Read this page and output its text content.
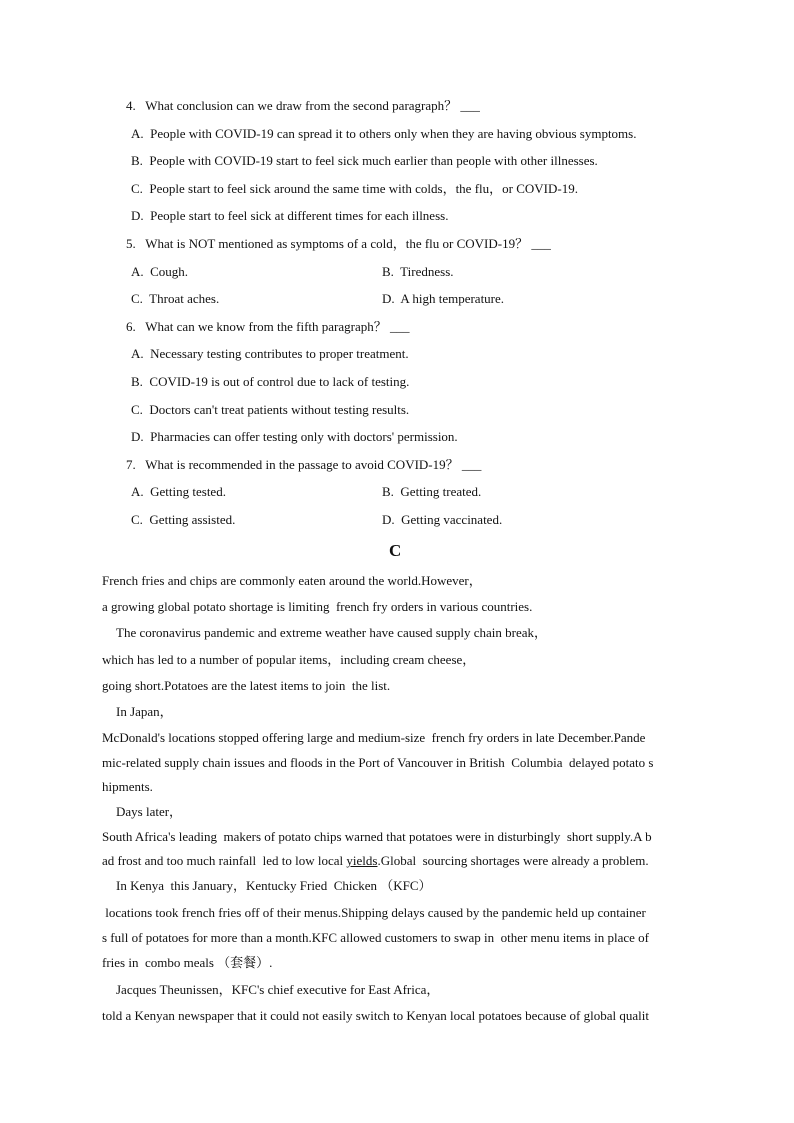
4.   What conclusion can we draw from the second paragraph？ ___
A.  People with COVID-19 can spread it to others only when they are having obvious symptoms.
B.  People with COVID-19 start to feel sick much earlier than people with other illnesses.
C.  People start to feel sick around the same time with colds，the flu，or COVID-19.
D.  People start to feel sick at different times for each illness.
5.   What is NOT mentioned as symptoms of a cold，the flu or COVID-19？ ___
A.  Cough.	B.  Tiredness.
C.  Throat aches.	D.  A high temperature.
6.   What can we know from the fifth paragraph？ ___
A.  Necessary testing contributes to proper treatment.
B.  COVID-19 is out of control due to lack of testing.
C.  Doctors can't treat patients without testing results.
D.  Pharmacies can offer testing only with doctors' permission.
7.   What is recommended in the passage to avoid COVID-19？ ___
A.  Getting tested.	B.  Getting treated.
C.  Getting assisted.	D.  Getting vaccinated.
C
French fries and chips are commonly eaten around the world.However，
a growing global potato shortage is limiting  french fry orders in various countries.
The coronavirus pandemic and extreme weather have caused supply chain break，
which has led to a number of popular items，including cream cheese，
going short.Potatoes are the latest items to join  the list.
In Japan，
McDonald's locations stopped offering large and medium-size  french fry orders in late December.Pande
mic-related supply chain issues and floods in the Port of Vancouver in British  Columbia  delayed potato s
hipments.
Days later，
South Africa's leading  makers of potato chips warned that potatoes were in disturbingly  short supply.A b
ad frost and too much rainfall  led to low local yields.Global  sourcing shortages were already a problem.
In Kenya  this January，Kentucky Fried  Chicken （KFC）
locations took french fries off of their menus.Shipping delays caused by the pandemic held up container
s full of potatoes for more than a month.KFC allowed customers to swap in  other menu items in place of
fries in  combo meals （套餐）.
Jacques Theunissen，KFC's chief executive for East Africa，
told a Kenyan newspaper that it could not easily switch to Kenyan local potatoes because of global qualit
